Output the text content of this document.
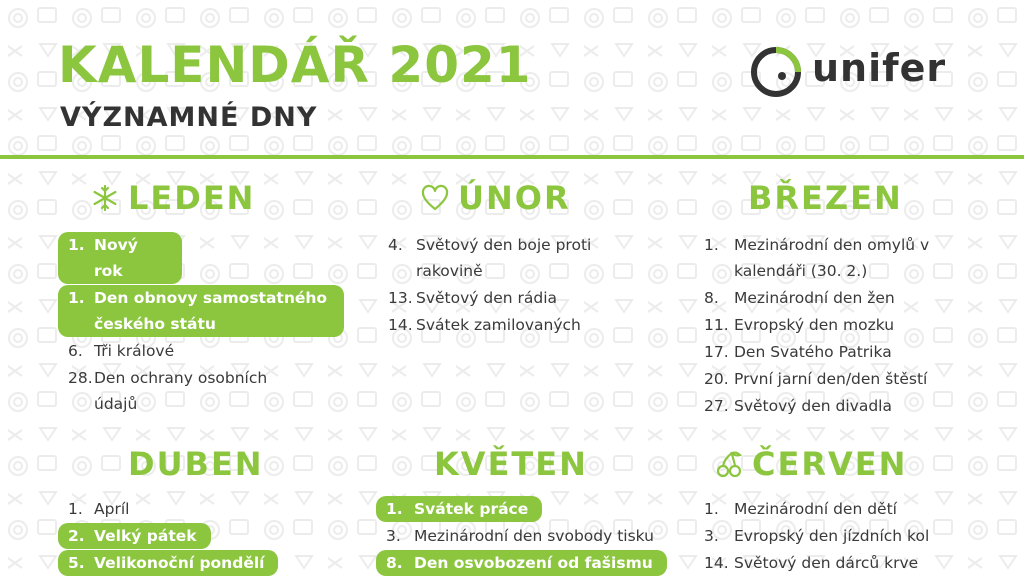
KALENDÁŘ 2021
VÝZNAMNÉ DNY
unifer
LEDEN
1. Nový rok
1. Den obnovy samostatného českého státu
6. Tři králové
28. Den ochrany osobních údajů
ÚNOR
4. Světový den boje proti rakovině
13. Světový den rádia
14. Svátek zamilovaných
BŘEZEN
1. Mezinárodní den omylů v kalendáři (30. 2.)
8. Mezinárodní den žen
11. Evropský den mozku
17. Den Svatého Patrika
20. První jarní den/den štěstí
27. Světový den divadla
DUBEN
1. Apríl
2. Velký pátek
5. Velikonoční pondělí
KVĚTEN
1. Svátek práce
3. Mezinárodní den svobody tisku
8. Den osvobození od fašismu
ČERVEN
1. Mezinárodní den dětí
3. Evropský den jízdních kol
14. Světový den dárců krve
